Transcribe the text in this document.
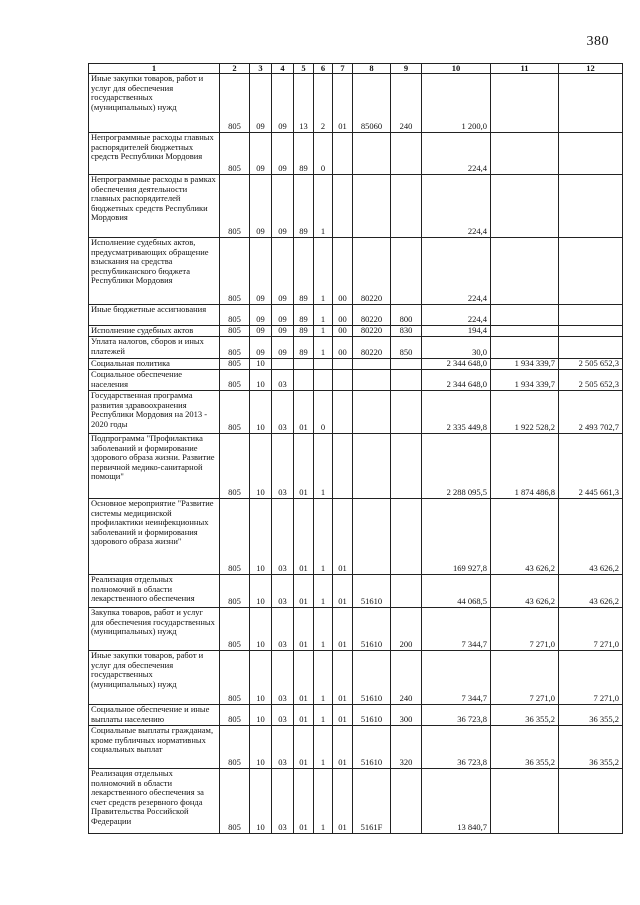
380
1	2	3	4	5	6	7	8	9	10	11	12
Иные закупки товаров, работ и услуг для обеспечения государственных (муниципальных) нужд	805	09	09	13	2	01	85060	240	1 200,0		
Непрограммные расходы главных распорядителей бюджетных средств Республики Мордовия	805	09	09	89	0				224,4		
Непрограммные расходы в рамках обеспечения деятельности главных распорядителей бюджетных средств Республики Мордовия	805	09	09	89	1				224,4		
Исполнение судебных актов, предусматривающих обращение взыскания на средства республиканского бюджета Республики Мордовия	805	09	09	89	1	00	80220		224,4		
Иные бюджетные ассигнования	805	09	09	89	1	00	80220	800	224,4		
Исполнение судебных актов	805	09	09	89	1	00	80220	830	194,4		
Уплата налогов, сборов и иных платежей	805	09	09	89	1	00	80220	850	30,0		
Социальная политика	805	10							2 344 648,0	1 934 339,7	2 505 652,3
Социальное обеспечение населения	805	10	03						2 344 648,0	1 934 339,7	2 505 652,3
Государственная программа развития здравоохранения Республики Мордовия на 2013 - 2020 годы	805	10	03	01	0				2 335 449,8	1 922 528,2	2 493 702,7
Подпрограмма "Профилактика заболеваний и формирование здорового образа жизни. Развитие первичной медико-санитарной помощи"	805	10	03	01	1				2 288 095,5	1 874 486,8	2 445 661,3
Основное мероприятие "Развитие системы медицинской профилактики неинфекционных заболеваний и формирования здорового образа жизни"	805	10	03	01	1	01			169 927,8	43 626,2	43 626,2
Реализация отдельных полномочий в области лекарственного обеспечения	805	10	03	01	1	01	51610		44 068,5	43 626,2	43 626,2
Закупка товаров, работ и услуг для обеспечения государственных (муниципальных) нужд	805	10	03	01	1	01	51610	200	7 344,7	7 271,0	7 271,0
Иные закупки товаров, работ и услуг для обеспечения государственных (муниципальных) нужд	805	10	03	01	1	01	51610	240	7 344,7	7 271,0	7 271,0
Социальное обеспечение и иные выплаты населению	805	10	03	01	1	01	51610	300	36 723,8	36 355,2	36 355,2
Социальные выплаты гражданам, кроме публичных нормативных социальных выплат	805	10	03	01	1	01	51610	320	36 723,8	36 355,2	36 355,2
Реализация отдельных полномочий в области лекарственного обеспечения за счет средств резервного фонда Правительства Российской Федерации	805	10	03	01	1	01	5161F		13 840,7		
